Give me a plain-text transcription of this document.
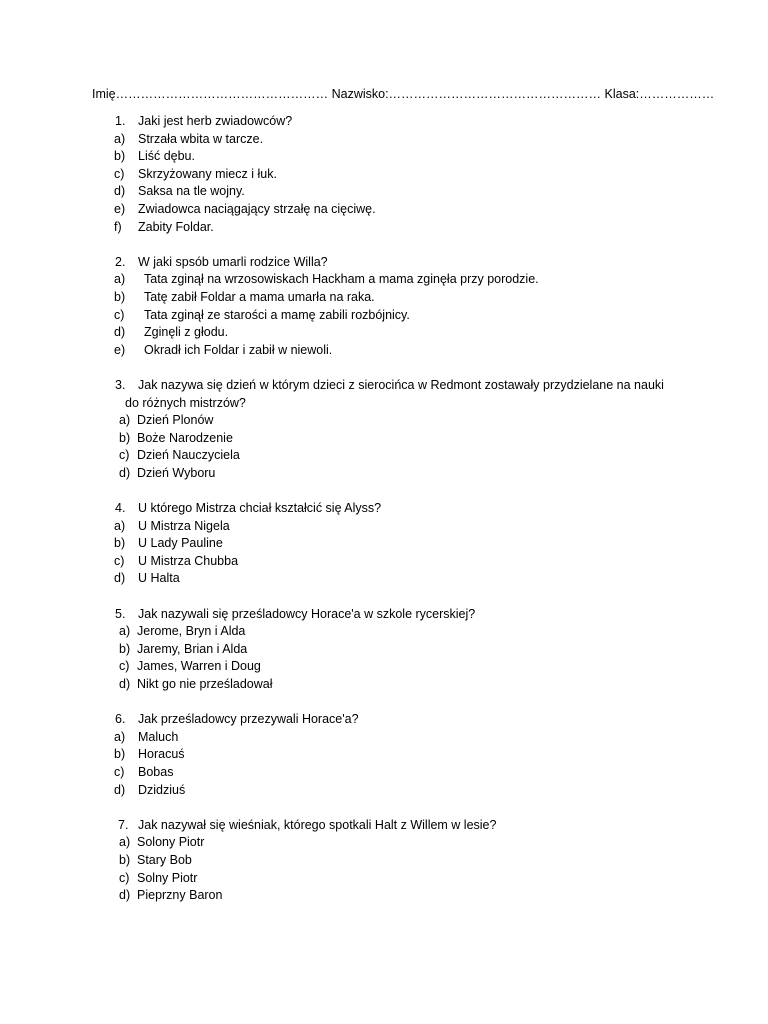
Imię…………………………………………… Nazwisko:…………………………………………… Klasa:………………
1.	Jaki jest herb zwiadowców?
a)	Strzała wbita w tarcze.
b)	Liść dębu.
c)	Skrzyżowany miecz i łuk.
d)	Saksa na tle wojny.
e)	Zwiadowca naciągający strzałę na cięciwę.
f)	Zabity Foldar.
2.	W jaki spsób umarli rodzice Willa?
a)	Tata zginął na wrzosowiskach Hackham a mama zginęła przy porodzie.
b)	Tatę zabił Foldar a mama umarła na raka.
c)	Tata zginął ze starości a mamę zabili rozbójnicy.
d)	Zginęli z głodu.
e)	Okradł ich Foldar i zabił w niewoli.
3.	Jak nazywa się dzień w którym dzieci z sierocińca w Redmont zostawały przydzielane na nauki
do różnych mistrzów?
a) Dzień Plonów
b) Boże Narodzenie
c) Dzień Nauczyciela
d) Dzień Wyboru
4.	U którego Mistrza chciał kształcić się Alyss?
a)	U Mistrza Nigela
b)	U Lady Pauline
c)	U Mistrza Chubba
d)	U Halta
5.	Jak nazywali się prześladowcy Horace'a w szkole rycerskiej?
a) Jerome, Bryn i Alda
b) Jaremy, Brian i Alda
c) James, Warren i Doug
d) Nikt go nie prześladował
6.	Jak prześladowcy przezywali Horace'a?
a)	Maluch
b)	Horacuś
c)	Bobas
d)	Dzidziuś
7. Jak nazywał się wieśniak, którego spotkali Halt z Willem w lesie?
a) Solony Piotr
b) Stary Bob
c) Solny Piotr
d) Pieprzny Baron
